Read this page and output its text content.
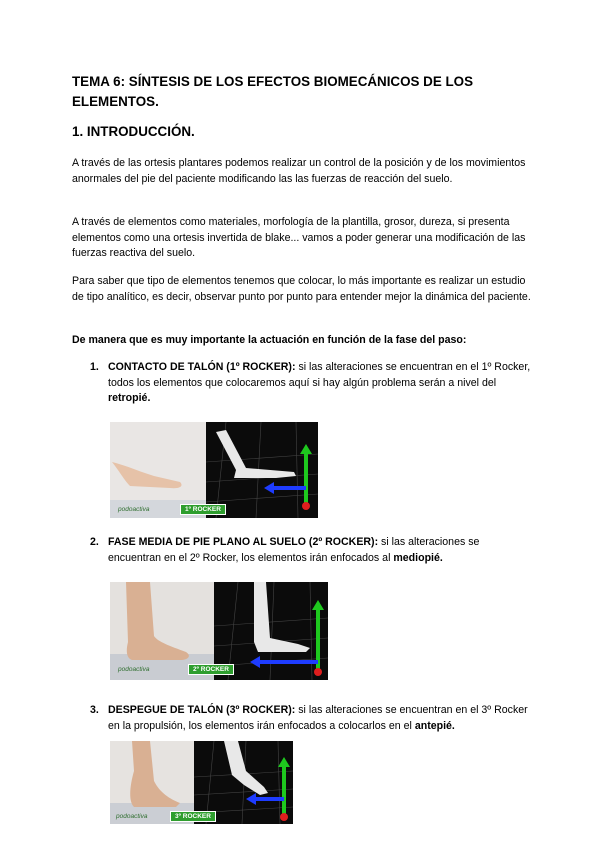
TEMA 6: SÍNTESIS DE LOS EFECTOS BIOMECÁNICOS DE LOS ELEMENTOS.
1. INTRODUCCIÓN.
A través de las ortesis plantares podemos realizar un control de la posición y de los movimientos anormales del pie del paciente modificando las las fuerzas de reacción del suelo.
A través de elementos como materiales, morfología de la plantilla, grosor, dureza, si presenta elementos como una ortesis invertida de blake... vamos a poder generar una modificación de las fuerzas reactiva del suelo.
Para saber que tipo de elementos tenemos que colocar, lo más importante es realizar un estudio de tipo analítico, es decir, observar punto por punto para entender mejor la dinámica del paciente.
De manera que es muy importante la actuación en función de la fase del paso:
1. CONTACTO DE TALÓN (1º ROCKER): si las alteraciones se encuentran en el 1º Rocker, todos los elementos que colocaremos aquí si hay algún problema serán a nivel del retropié.
podoactiva	1º ROCKER
2. FASE MEDIA DE PIE PLANO AL SUELO (2º ROCKER): si las alteraciones se encuentran en el 2º Rocker, los elementos irán enfocados al mediopié.
podoactiva	2º ROCKER
3. DESPEGUE DE TALÓN (3º ROCKER): si las alteraciones se encuentran en el 3º Rocker en la propulsión, los elementos irán enfocados a colocarlos en el antepié.
podoactiva	3º ROCKER
